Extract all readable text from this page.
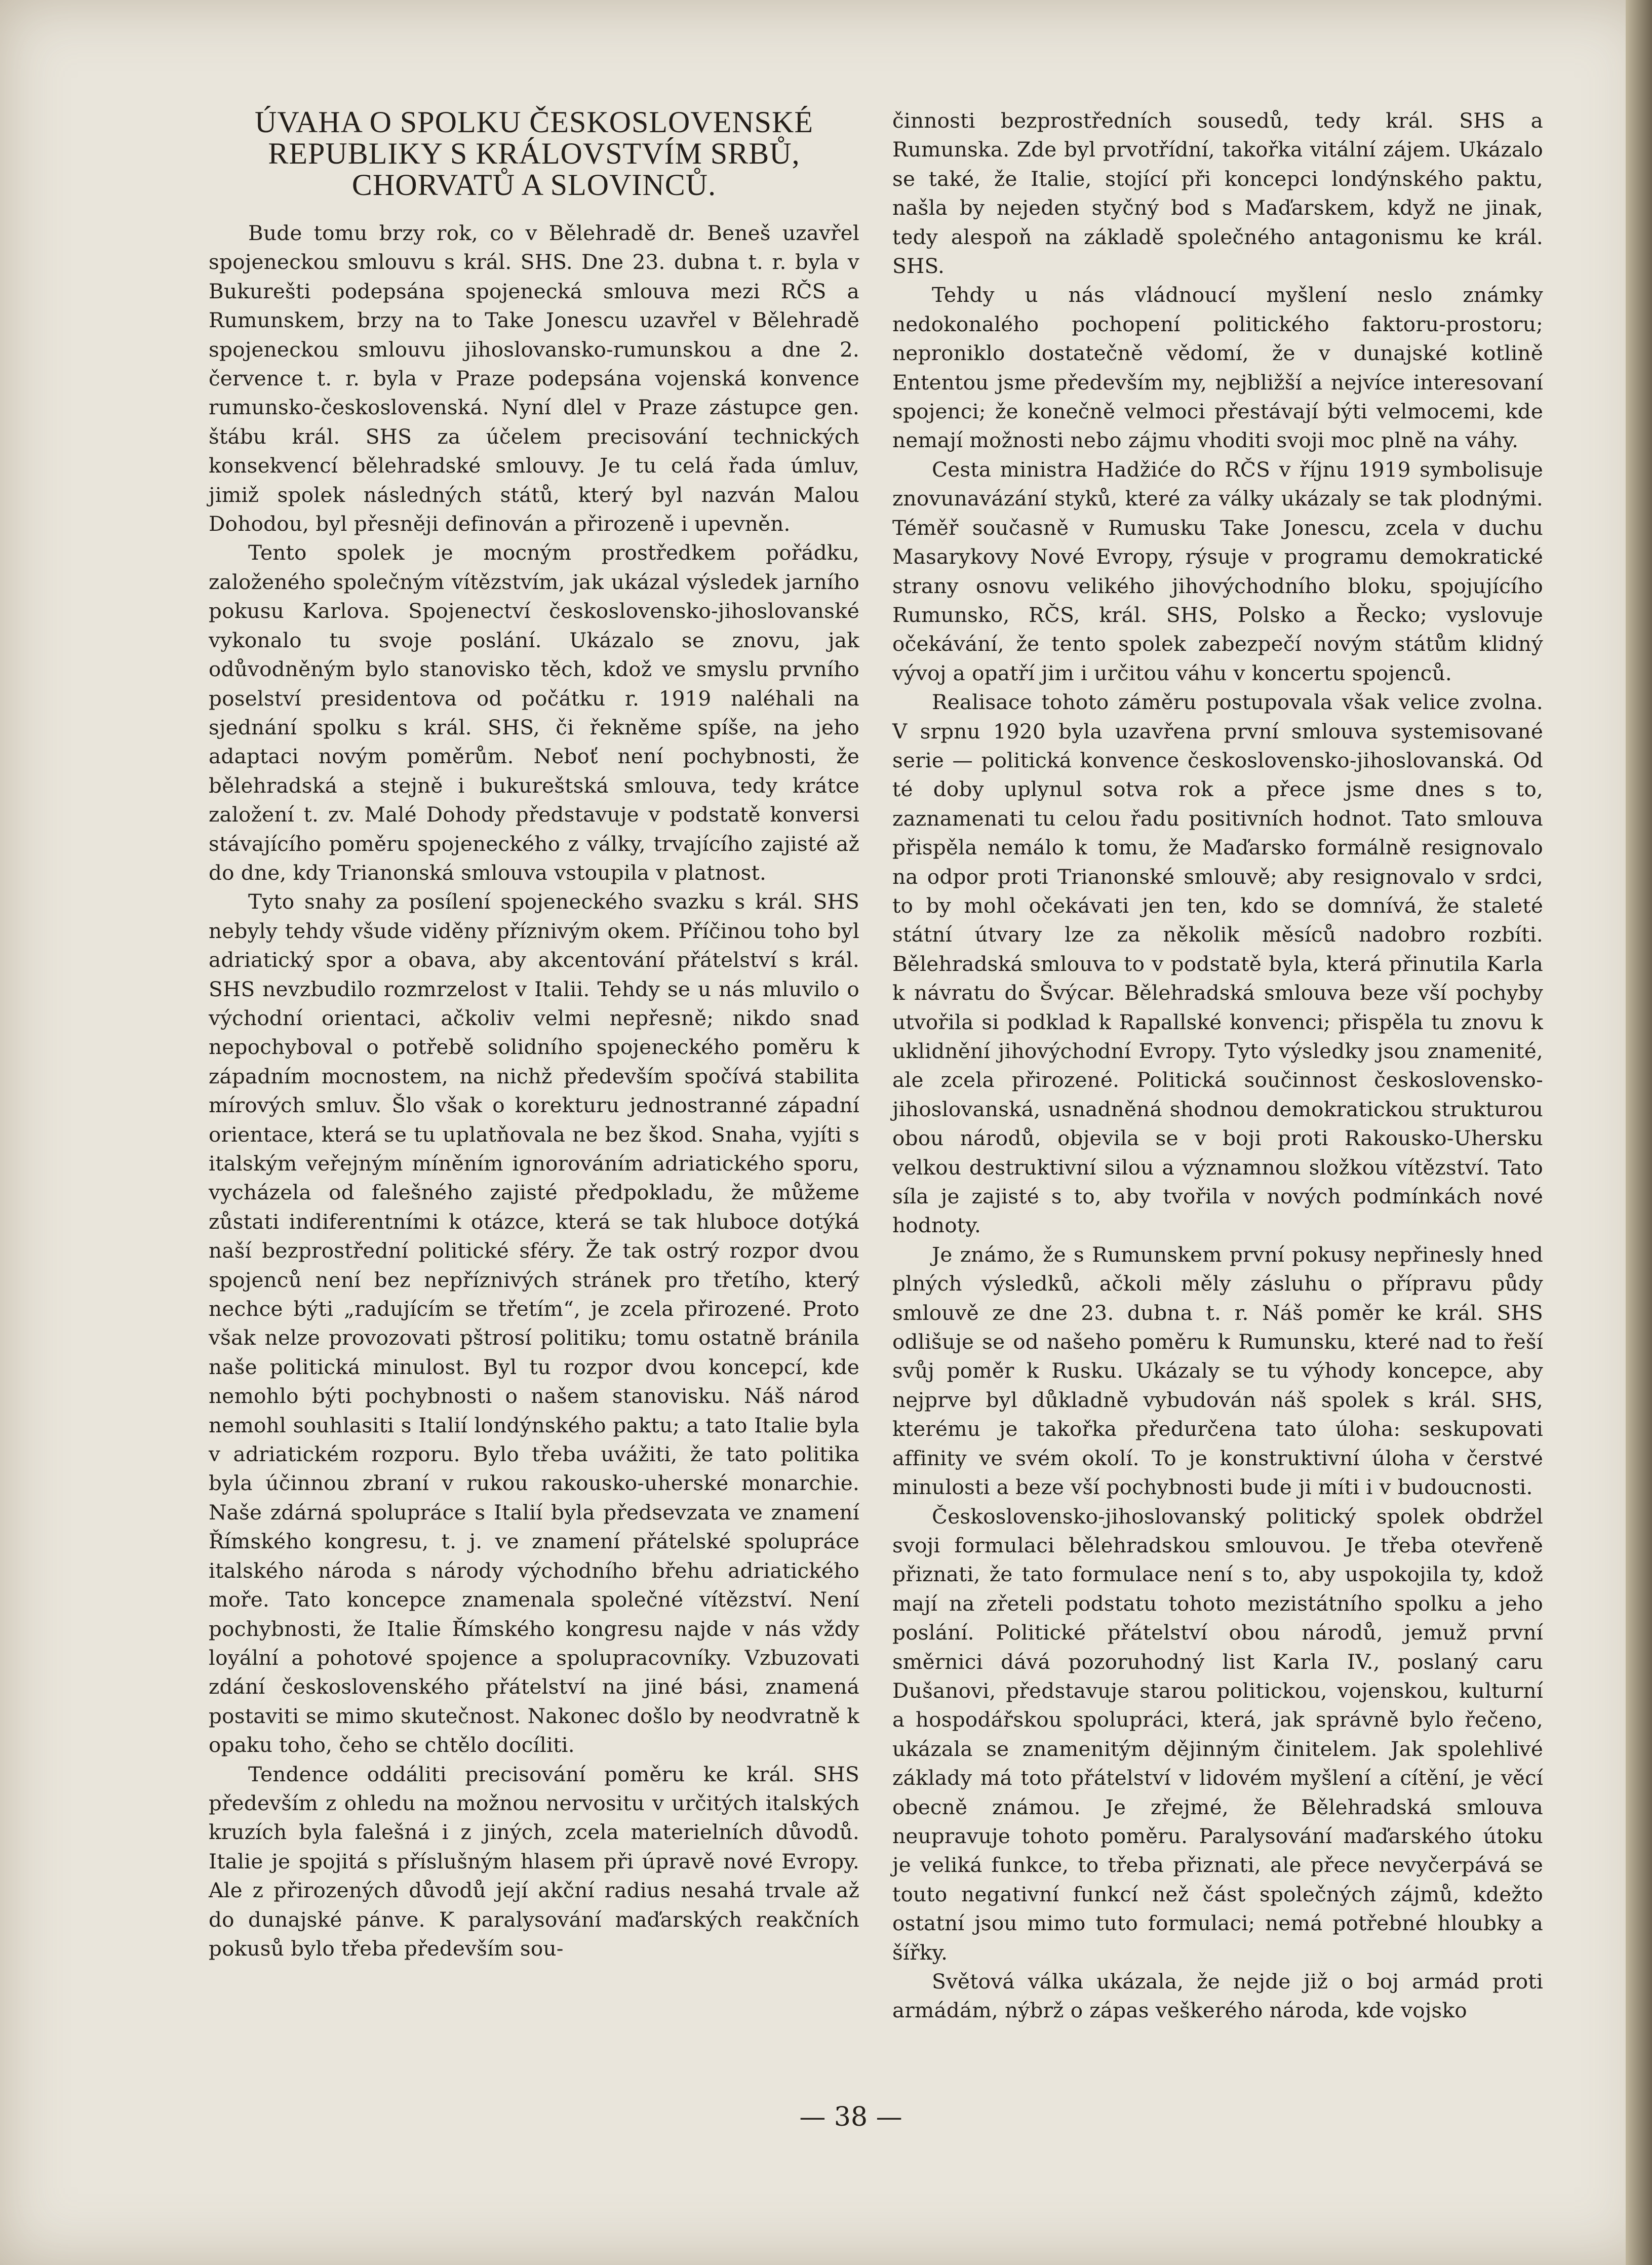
ÚVAHA O SPOLKU ČESKOSLOVENSKÉ REPUBLIKY S KRÁLOVSTVÍM SRBŮ, CHORVATŮ A SLOVINCŮ.

Bude tomu brzy rok, co v Bělehradě dr. Beneš uzavřel spojeneckou smlouvu s král. SHS. Dne 23. dubna t. r. byla v Bukurešti podepsána spojenecká smlouva mezi RČS a Rumunskem, brzy na to Take Jonescu uzavřel v Bělehradě spojeneckou smlouvu jihoslovansko-rumunskou a dne 2. července t. r. byla v Praze podepsána vojenská konvence rumunsko-československá. Nyní dlel v Praze zástupce gen. štábu král. SHS za účelem precisování technických konsekvencí bělehradské smlouvy. Je tu celá řada úmluv, jimiž spolek následných států, který byl nazván Malou Dohodou, byl přesněji definován a přirozeně i upevněn.

Tento spolek je mocným prostředkem pořádku, založeného společným vítězstvím, jak ukázal výsledek jarního pokusu Karlova. Spojenectví československo-jihoslovanské vykonalo tu svoje poslání. Ukázalo se znovu, jak odůvodněným bylo stanovisko těch, kdož ve smyslu prvního poselství presidentova od počátku r. 1919 naléhali na sjednání spolku s král. SHS, či řekněme spíše, na jeho adaptaci novým poměrům. Neboť není pochybnosti, že bělehradská a stejně i bukureštská smlouva, tedy krátce založení t. zv. Malé Dohody představuje v podstatě konversi stávajícího poměru spojeneckého z války, trvajícího zajisté až do dne, kdy Trianonská smlouva vstoupila v platnost.

Tyto snahy za posílení spojeneckého svazku s král. SHS nebyly tehdy všude viděny příznivým okem. Příčinou toho byl adriatický spor a obava, aby akcentování přátelství s král. SHS nevzbudilo rozmrzelost v Italii. Tehdy se u nás mluvilo o východní orientaci, ačkoliv velmi nepřesně; nikdo snad nepochyboval o potřebě solidního spojeneckého poměru k západním mocnostem, na nichž především spočívá stabilita mírových smluv. Šlo však o korekturu jednostranné západní orientace, která se tu uplatňovala ne bez škod. Snaha, vyjíti s italským veřejným míněním ignorováním adriatického sporu, vycházela od falešného zajisté předpokladu, že můžeme zůstati indiferentními k otázce, která se tak hluboce dotýká naší bezprostřední politické sféry. Že tak ostrý rozpor dvou spojenců není bez nepříznivých stránek pro třetího, který nechce býti „radujícím se třetím“, je zcela přirozené. Proto však nelze provozovati pštrosí politiku; tomu ostatně bránila naše politická minulost. Byl tu rozpor dvou koncepcí, kde nemohlo býti pochybnosti o našem stanovisku. Náš národ nemohl souhlasiti s Italií londýnského paktu; a tato Italie byla v adriatickém rozporu. Bylo třeba uvážiti, že tato politika byla účinnou zbraní v rukou rakousko-uherské monarchie. Naše zdárná spolupráce s Italií byla předsevzata ve znamení Římského kongresu, t. j. ve znamení přátelské spolupráce italského národa s národy východního břehu adriatického moře. Tato koncepce znamenala společné vítězství. Není pochybnosti, že Italie Římského kongresu najde v nás vždy loyální a pohotové spojence a spolupracovníky. Vzbuzovati zdání československého přátelství na jiné bási, znamená postaviti se mimo skutečnost. Nakonec došlo by neodvratně k opaku toho, čeho se chtělo docíliti.

Tendence oddáliti precisování poměru ke král. SHS především z ohledu na možnou nervositu v určitých italských kruzích byla falešná i z jiných, zcela materielních důvodů. Italie je spojitá s příslušným hlasem při úpravě nové Evropy. Ale z přirozených důvodů její akční radius nesahá trvale až do dunajské pánve. K paralysování maďarských reakčních pokusů bylo třeba především sou-

činnosti bezprostředních sousedů, tedy král. SHS a Rumunska. Zde byl prvotřídní, takořka vitální zájem. Ukázalo se také, že Italie, stojící při koncepci londýnského paktu, našla by nejeden styčný bod s Maďarskem, když ne jinak, tedy alespoň na základě společného antagonismu ke král. SHS.

Tehdy u nás vládnoucí myšlení neslo známky nedokonalého pochopení politického faktoru-prostoru; neproniklo dostatečně vědomí, že v dunajské kotlině Ententou jsme především my, nejbližší a nejvíce interesovaní spojenci; že konečně velmoci přestávají býti velmocemi, kde nemají možnosti nebo zájmu vhoditi svoji moc plně na váhy.

Cesta ministra Hadžiće do RČS v říjnu 1919 symbolisuje znovunavázání styků, které za války ukázaly se tak plodnými. Téměř současně v Rumusku Take Jonescu, zcela v duchu Masarykovy Nové Evropy, rýsuje v programu demokratické strany osnovu velikého jihovýchodního bloku, spojujícího Rumunsko, RČS, král. SHS, Polsko a Řecko; vyslovuje očekávání, že tento spolek zabezpečí novým státům klidný vývoj a opatří jim i určitou váhu v koncertu spojenců.

Realisace tohoto záměru postupovala však velice zvolna. V srpnu 1920 byla uzavřena první smlouva systemisované serie — politická konvence československo-jihoslovanská. Od té doby uplynul sotva rok a přece jsme dnes s to, zaznamenati tu celou řadu positivních hodnot. Tato smlouva přispěla nemálo k tomu, že Maďarsko formálně resignovalo na odpor proti Trianonské smlouvě; aby resignovalo v srdci, to by mohl očekávati jen ten, kdo se domnívá, že staleté státní útvary lze za několik měsíců nadobro rozbíti. Bělehradská smlouva to v podstatě byla, která přinutila Karla k návratu do Švýcar. Bělehradská smlouva beze vší pochyby utvořila si podklad k Rapallské konvenci; přispěla tu znovu k uklidnění jihovýchodní Evropy. Tyto výsledky jsou znamenité, ale zcela přirozené. Politická součinnost československo-jihoslovanská, usnadněná shodnou demokratickou strukturou obou národů, objevila se v boji proti Rakousko-Uhersku velkou destruktivní silou a významnou složkou vítězství. Tato síla je zajisté s to, aby tvořila v nových podmínkách nové hodnoty.

Je známo, že s Rumunskem první pokusy nepřinesly hned plných výsledků, ačkoli měly zásluhu o přípravu půdy smlouvě ze dne 23. dubna t. r. Náš poměr ke král. SHS odlišuje se od našeho poměru k Rumunsku, které nad to řeší svůj poměr k Rusku. Ukázaly se tu výhody koncepce, aby nejprve byl důkladně vybudován náš spolek s král. SHS, kterému je takořka předurčena tato úloha: seskupovati affinity ve svém okolí. To je konstruktivní úloha v čerstvé minulosti a beze vší pochybnosti bude ji míti i v budoucnosti.

Československo-jihoslovanský politický spolek obdržel svoji formulaci bělehradskou smlouvou. Je třeba otevřeně přiznati, že tato formulace není s to, aby uspokojila ty, kdož mají na zřeteli podstatu tohoto mezistátního spolku a jeho poslání. Politické přátelství obou národů, jemuž první směrnici dává pozoruhodný list Karla IV., poslaný caru Dušanovi, představuje starou politickou, vojenskou, kulturní a hospodářskou spolupráci, která, jak správně bylo řečeno, ukázala se znamenitým dějinným činitelem. Jak spolehlivé základy má toto přátelství v lidovém myšlení a cítění, je věcí obecně známou. Je zřejmé, že Bělehradská smlouva neupravuje tohoto poměru. Paralysování maďarského útoku je veliká funkce, to třeba přiznati, ale přece nevyčerpává se touto negativní funkcí než část společných zájmů, kdežto ostatní jsou mimo tuto formulaci; nemá potřebné hloubky a šířky.

Světová válka ukázala, že nejde již o boj armád proti armádám, nýbrž o zápas veškerého národa, kde vojsko

— 38 —
